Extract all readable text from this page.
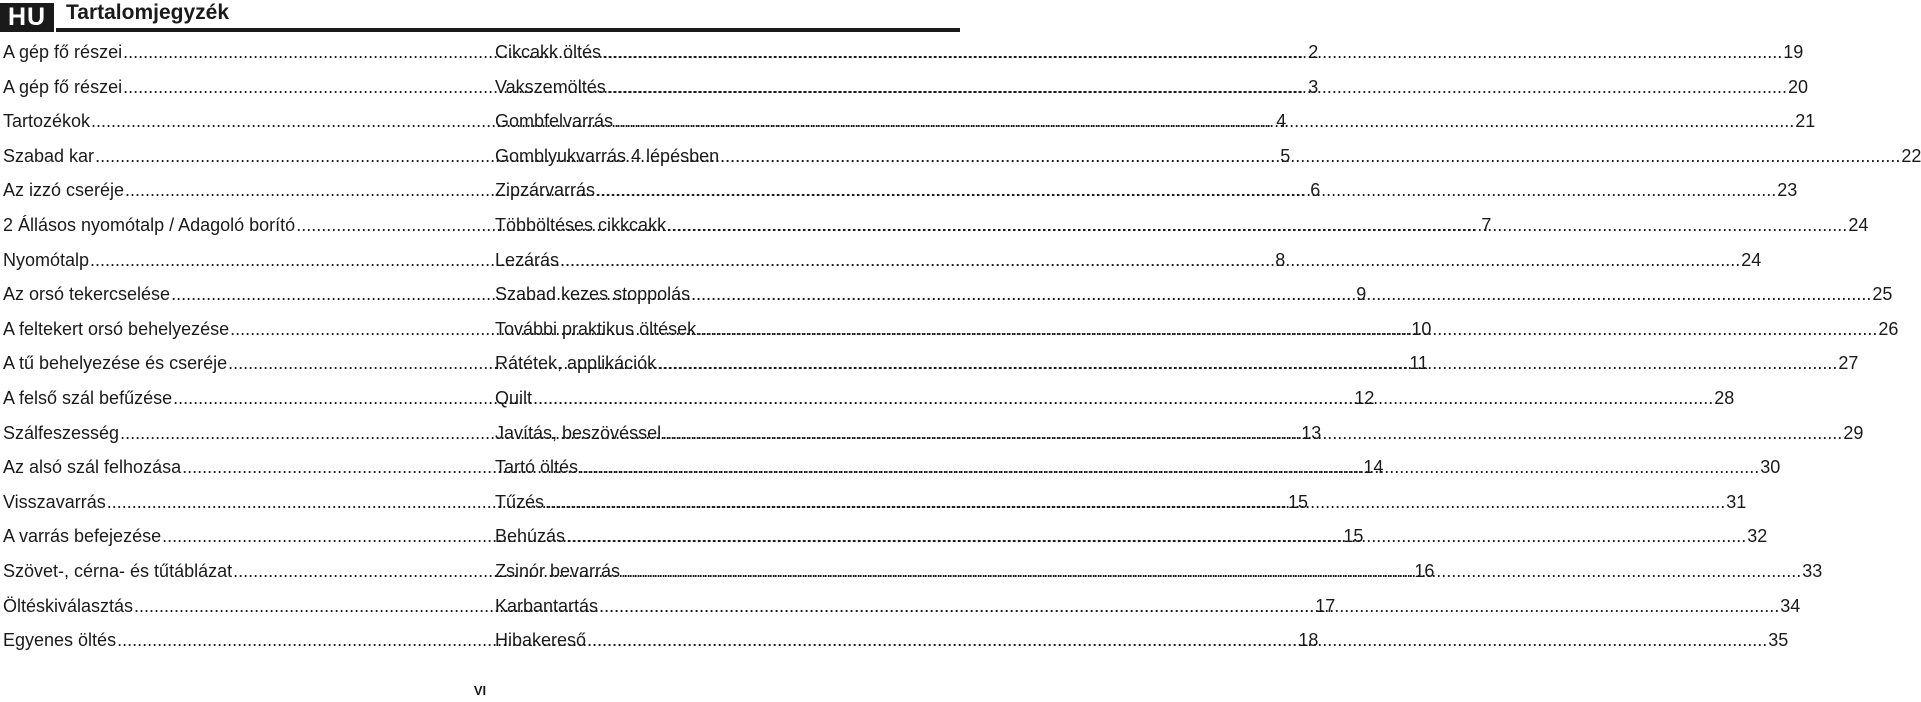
HU Tartalomjegyzék
A gép fő részei .....	2
A gép fő részei .....	3
Tartozékok .....	4
Szabad kar .....	5
Az izzó cseréje .....	6
2 Állásos nyomótalp / Adagoló borító .....	7
Nyomótalp .....	8
Az orsó tekercselése .....	9
A feltekert orsó behelyezése .....	10
A tű behelyezése és cseréje .....	11
A felső szál befűzése .....	12
Szálfeszesség .....	13
Az alsó szál felhozása .....	14
Visszavarrás .....	15
A varrás befejezése .....	15
Szövet-, cérna- és tűtáblázat .....	16
Öltéskiválasztás .....	17
Egyenes öltés .....	18
Cikcakk öltés .....	19
Vakszemöltés .....	20
Gombfelvarrás .....	21
Gomblyukvarrás 4 lépésben .....	22
Zipzárvarrás .....	23
Többöltéses cikkcakk .....	24
Lezárás .....	24
Szabad kezes stoppolás .....	25
További praktikus öltések .....	26
Rátétek, applikációk .....	27
Quilt .....	28
Javítás, beszövéssel .....	29
Tartó öltés .....	30
Tűzés .....	31
Behúzás .....	32
Zsinór bevarrás .....	33
Karbantartás .....	34
Hibakereső .....	35
VI
